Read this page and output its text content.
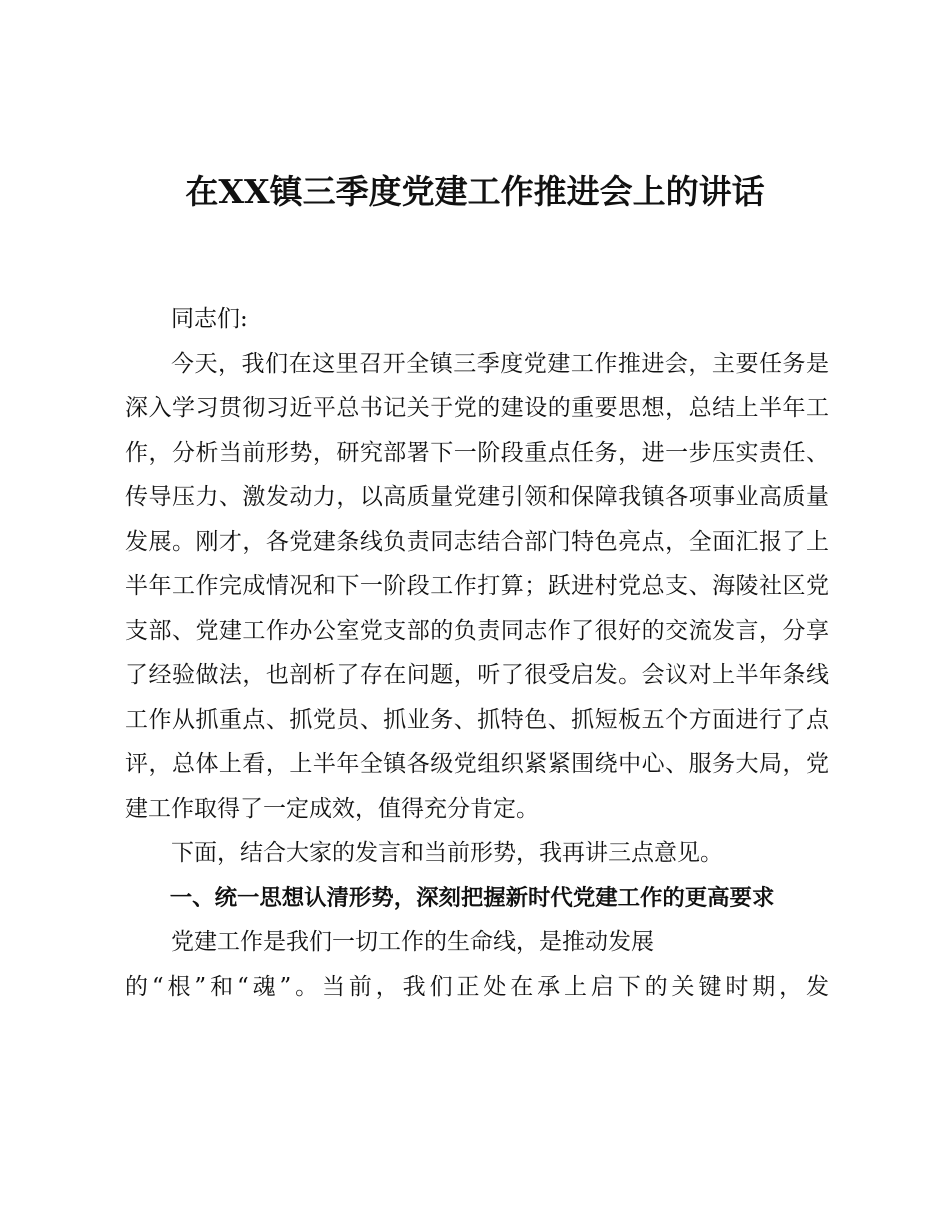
在XX镇三季度党建工作推进会上的讲话

同志们:

今天，我们在这里召开全镇三季度党建工作推进会，主要任务是深入学习贯彻习近平总书记关于党的建设的重要思想，总结上半年工作，分析当前形势，研究部署下一阶段重点任务，进一步压实责任、传导压力、激发动力，以高质量党建引领和保障我镇各项事业高质量发展。刚才，各党建条线负责同志结合部门特色亮点，全面汇报了上半年工作完成情况和下一阶段工作打算；跃进村党总支、海陵社区党支部、党建工作办公室党支部的负责同志作了很好的交流发言，分享了经验做法，也剖析了存在问题，听了很受启发。会议对上半年条线工作从抓重点、抓党员、抓业务、抓特色、抓短板五个方面进行了点评，总体上看，上半年全镇各级党组织紧紧围绕中心、服务大局，党建工作取得了一定成效，值得充分肯定。

下面，结合大家的发言和当前形势，我再讲三点意见。

一、统一思想认清形势，深刻把握新时代党建工作的更高要求

党建工作是我们一切工作的生命线，是推动发展

的“根”和“魂”。当前，我们正处在承上启下的关键时期，发
